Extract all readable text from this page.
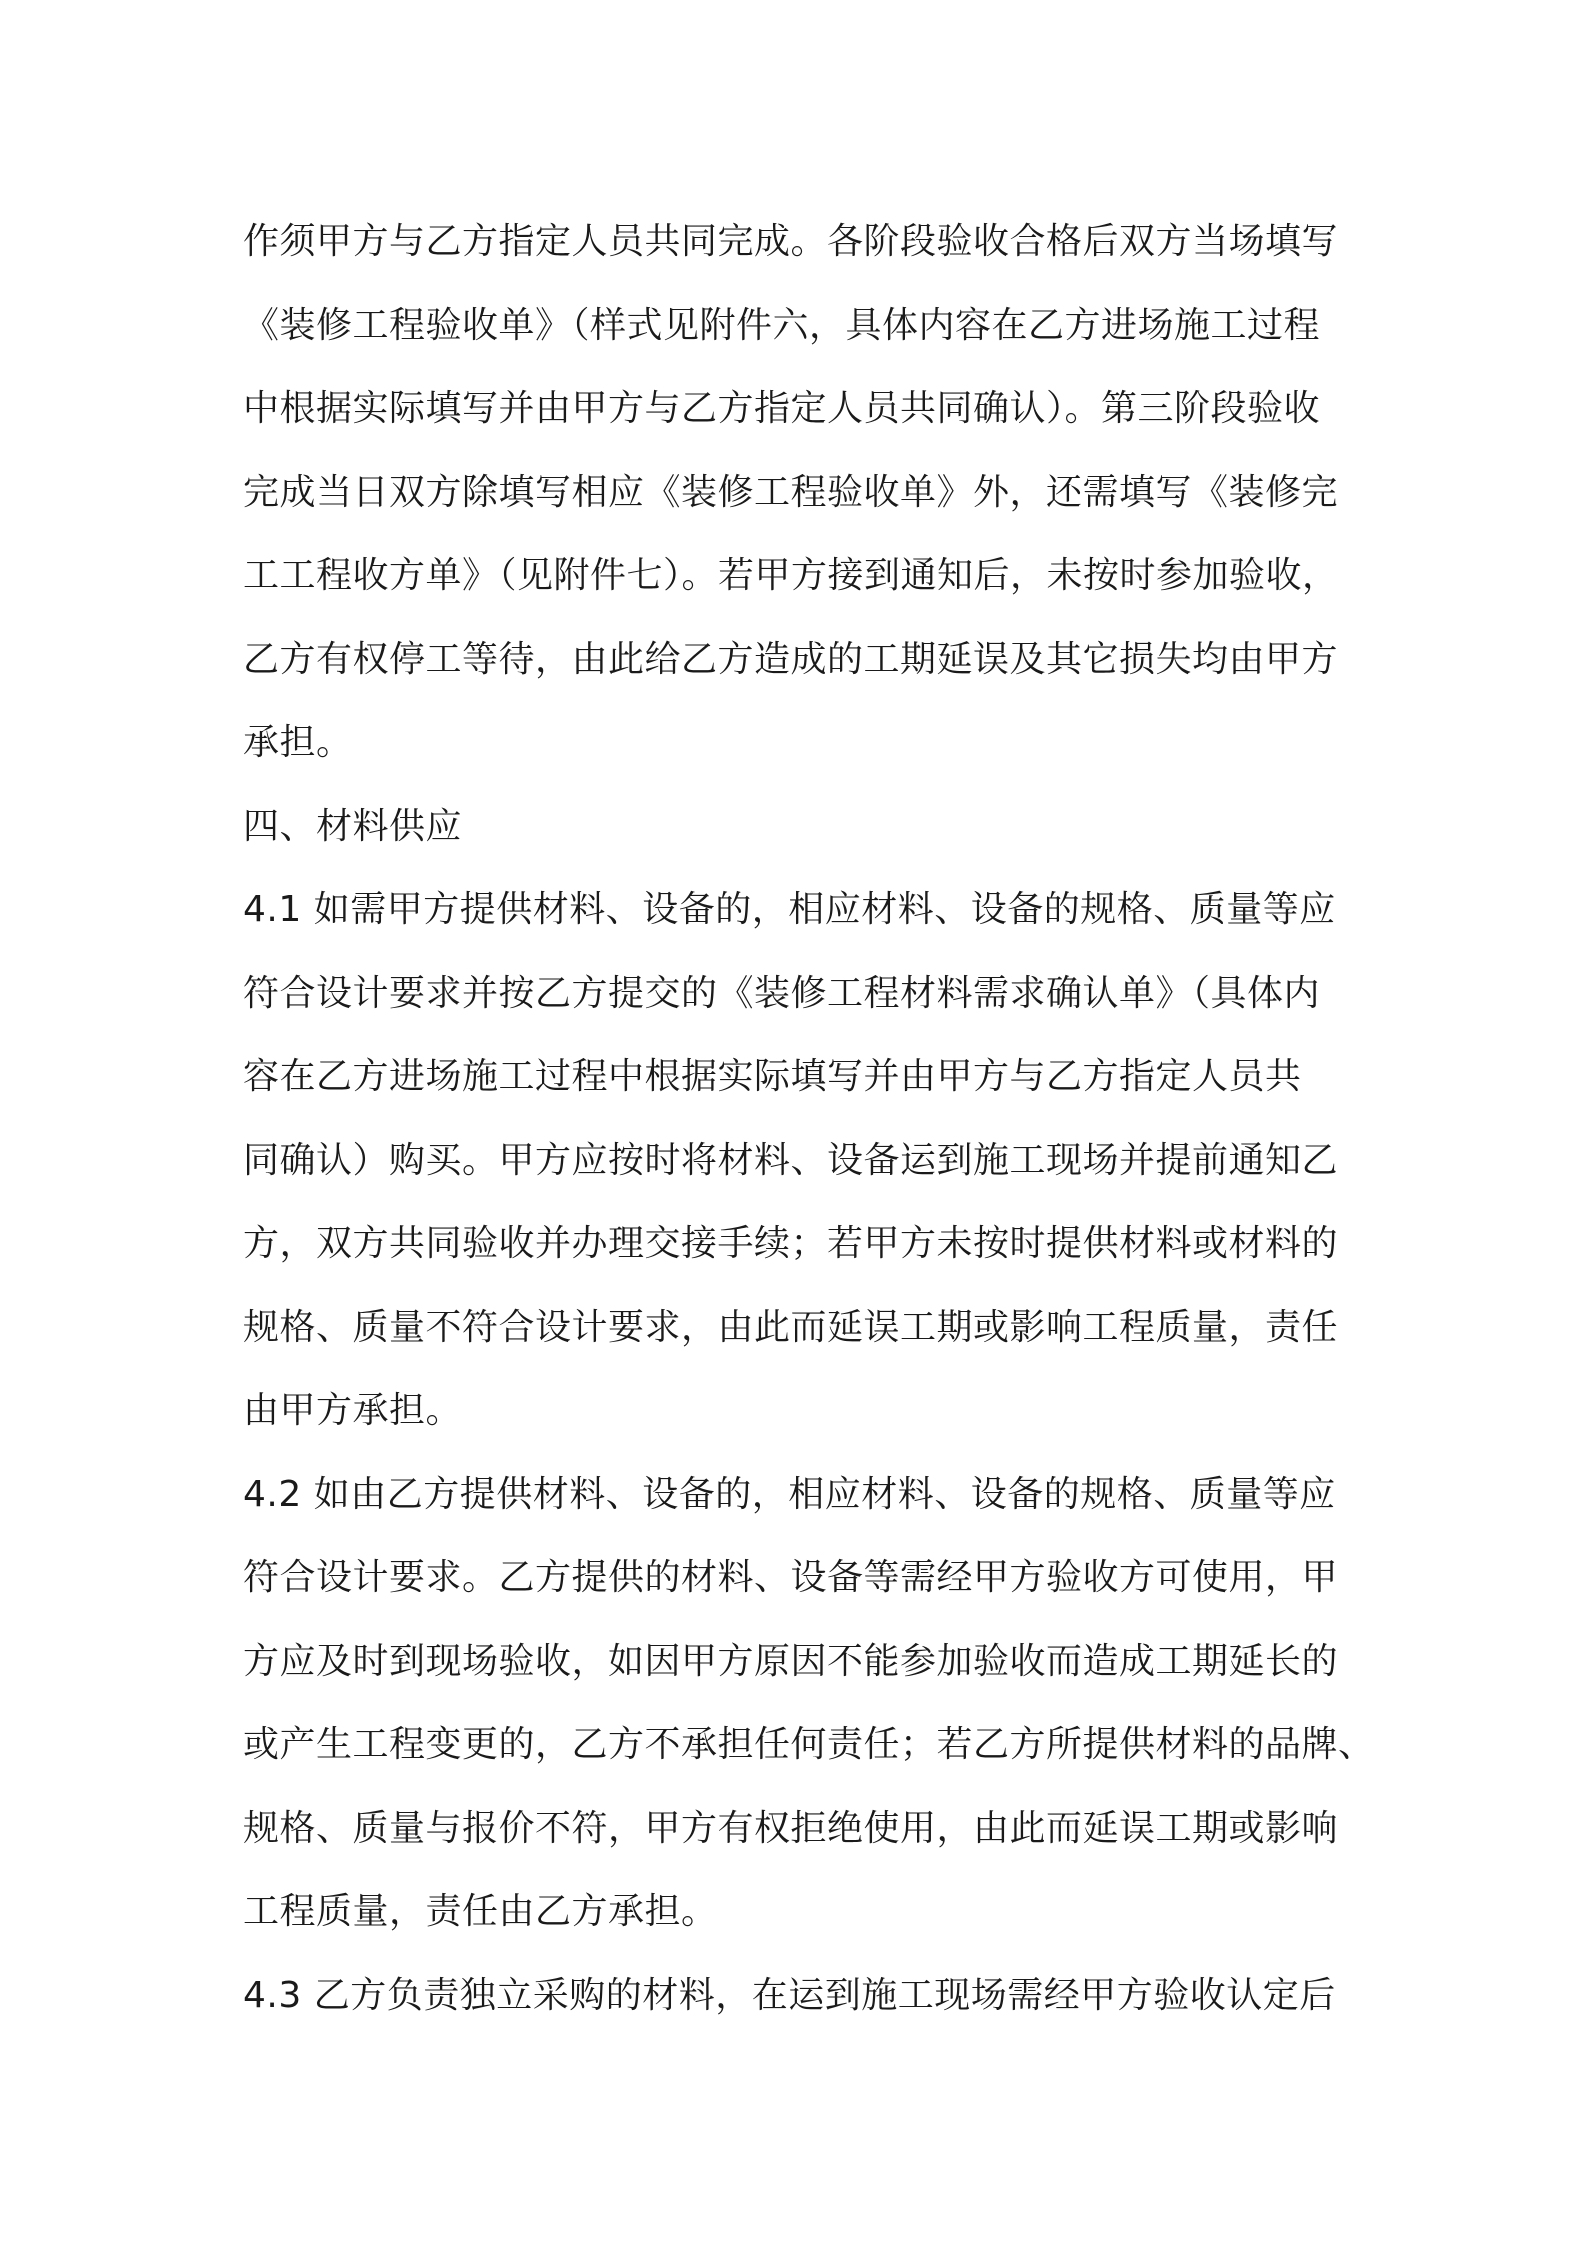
作须甲方与乙方指定人员共同完成。各阶段验收合格后双方当场填写
《装修工程验收单》（样式见附件六，具体内容在乙方进场施工过程
中根据实际填写并由甲方与乙方指定人员共同确认）。第三阶段验收
完成当日双方除填写相应《装修工程验收单》外，还需填写《装修完
工工程收方单》（见附件七）。若甲方接到通知后，未按时参加验收，
乙方有权停工等待，由此给乙方造成的工期延误及其它损失均由甲方
承担。
四、材料供应
4.1 如需甲方提供材料、设备的，相应材料、设备的规格、质量等应
符合设计要求并按乙方提交的《装修工程材料需求确认单》（具体内
容在乙方进场施工过程中根据实际填写并由甲方与乙方指定人员共
同确认）购买。甲方应按时将材料、设备运到施工现场并提前通知乙
方，双方共同验收并办理交接手续；若甲方未按时提供材料或材料的
规格、质量不符合设计要求，由此而延误工期或影响工程质量，责任
由甲方承担。
4.2 如由乙方提供材料、设备的，相应材料、设备的规格、质量等应
符合设计要求。乙方提供的材料、设备等需经甲方验收方可使用，甲
方应及时到现场验收，如因甲方原因不能参加验收而造成工期延长的
或产生工程变更的，乙方不承担任何责任；若乙方所提供材料的品牌、
规格、质量与报价不符，甲方有权拒绝使用，由此而延误工期或影响
工程质量，责任由乙方承担。
4.3 乙方负责独立采购的材料，在运到施工现场需经甲方验收认定后
